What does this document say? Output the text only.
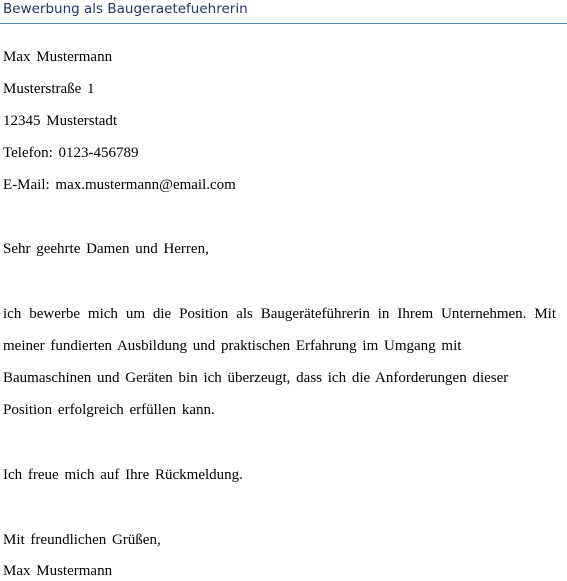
Bewerbung als Baugeraetefuehrerin
Max Mustermann
Musterstraße 1
12345 Musterstadt
Telefon: 0123-456789
E-Mail: max.mustermann@email.com
Sehr geehrte Damen und Herren,
ich bewerbe mich um die Position als Baugeräteführerin in Ihrem Unternehmen. Mit
meiner fundierten Ausbildung und praktischen Erfahrung im Umgang mit
Baumaschinen und Geräten bin ich überzeugt, dass ich die Anforderungen dieser
Position erfolgreich erfüllen kann.
Ich freue mich auf Ihre Rückmeldung.
Mit freundlichen Grüßen,
Max Mustermann
